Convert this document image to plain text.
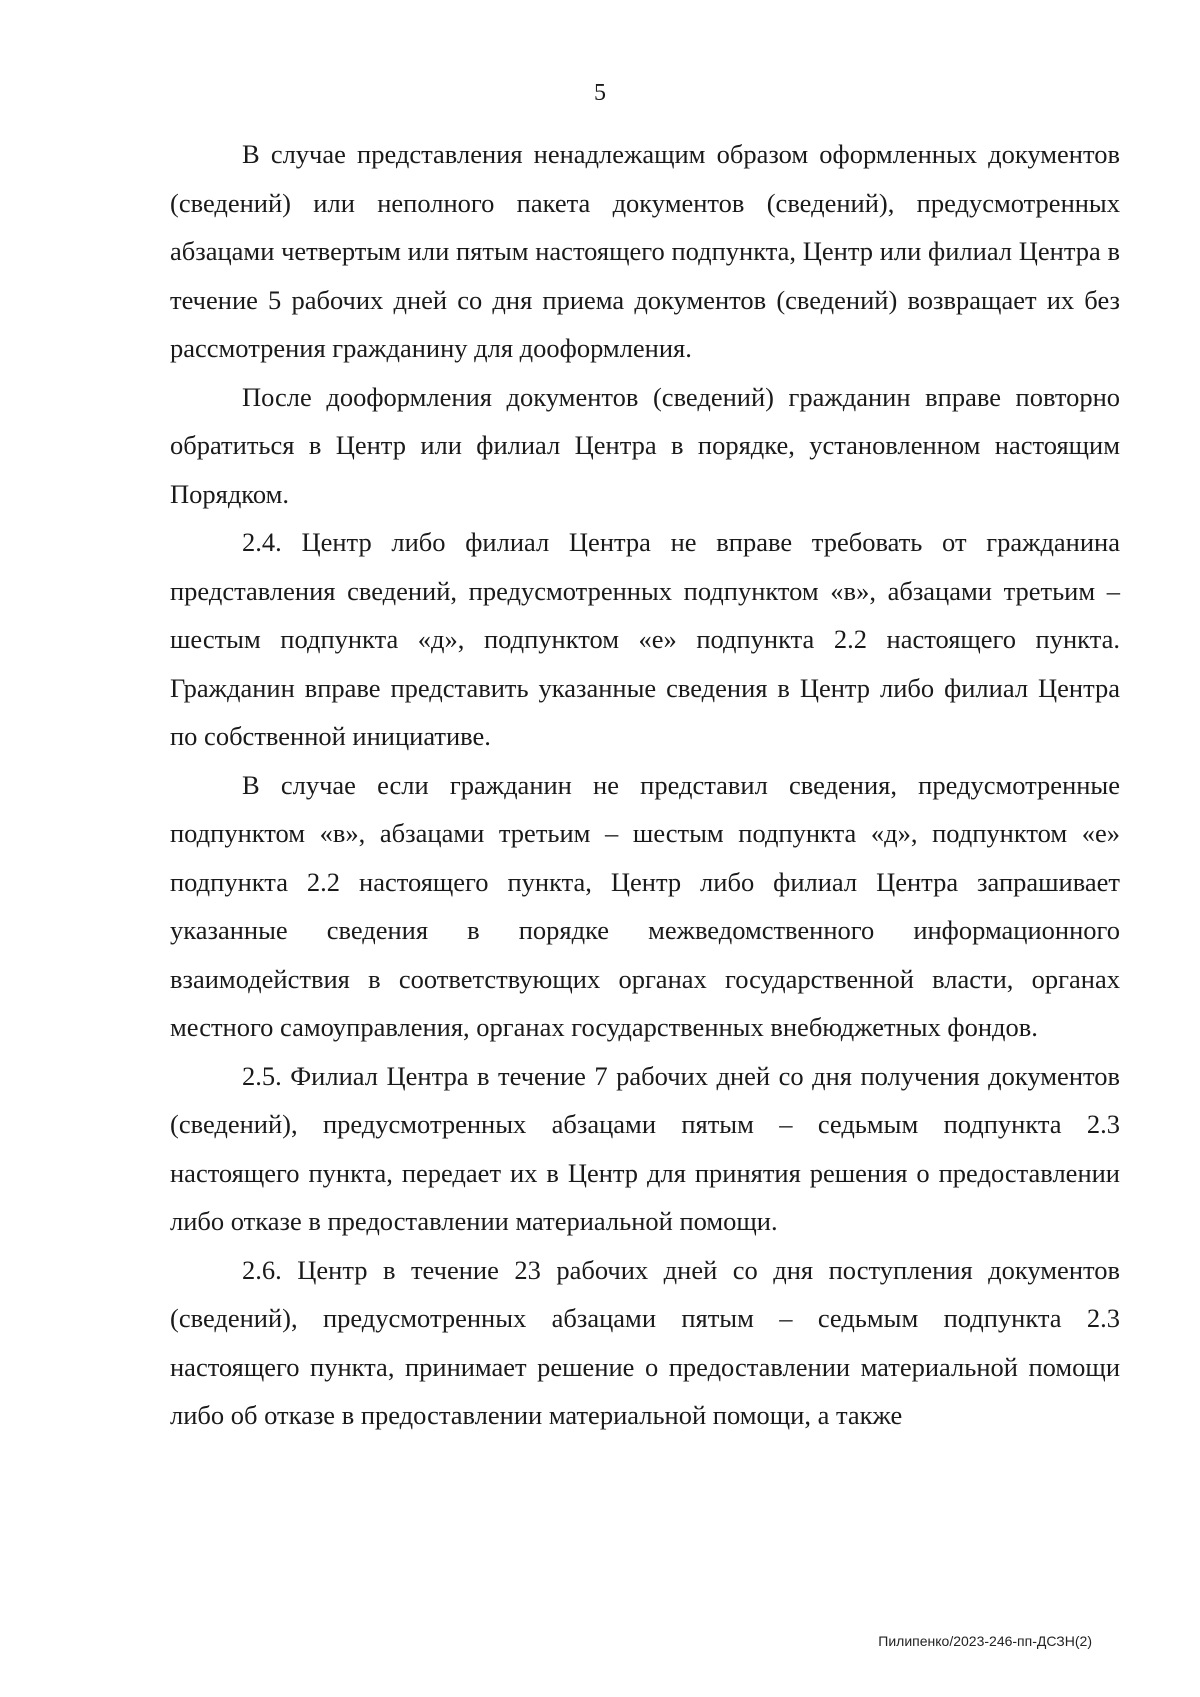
5

В случае представления ненадлежащим образом оформленных документов (сведений) или неполного пакета документов (сведений), предусмотренных абзацами четвертым или пятым настоящего подпункта, Центр или филиал Центра в течение 5 рабочих дней со дня приема документов (сведений) возвращает их без рассмотрения гражданину для дооформления.

После дооформления документов (сведений) гражданин вправе повторно обратиться в Центр или филиал Центра в порядке, установленном настоящим Порядком.

2.4. Центр либо филиал Центра не вправе требовать от гражданина представления сведений, предусмотренных подпунктом «в», абзацами третьим – шестым подпункта «д», подпунктом «е» подпункта 2.2 настоящего пункта. Гражданин вправе представить указанные сведения в Центр либо филиал Центра по собственной инициативе.

В случае если гражданин не представил сведения, предусмотренные подпунктом «в», абзацами третьим – шестым подпункта «д», подпунктом «е» подпункта 2.2 настоящего пункта, Центр либо филиал Центра запрашивает указанные сведения в порядке межведомственного информационного взаимодействия в соответствующих органах государственной власти, органах местного самоуправления, органах государственных внебюджетных фондов.

2.5. Филиал Центра в течение 7 рабочих дней со дня получения документов (сведений), предусмотренных абзацами пятым – седьмым подпункта 2.3 настоящего пункта, передает их в Центр для принятия решения о предоставлении либо отказе в предоставлении материальной помощи.

2.6. Центр в течение 23 рабочих дней со дня поступления документов (сведений), предусмотренных абзацами пятым – седьмым подпункта 2.3 настоящего пункта, принимает решение о предоставлении материальной помощи либо об отказе в предоставлении материальной помощи, а также

Пилипенко/2023-246-пп-ДСЗН(2)
